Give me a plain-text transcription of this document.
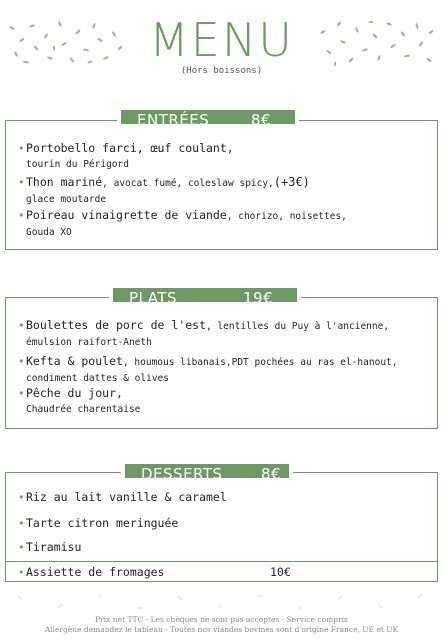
MENU
(Hors boissons)
ENTRÉES	8€
• Portobello farci, œuf coulant,
tourin du Périgord
• Thon mariné, avocat fumé, coleslaw spicy,(+3€)
glace moutarde
• Poireau vinaigrette de viande, chorizo, noisettes,
Gouda XO
PLATS	19€
• Boulettes de porc de l'est, lentilles du Puy à l'ancienne,
émulsion raifort-Aneth
• Kefta & poulet, houmous libanais,PDT pochées au ras el-hanout,
condiment dattes & olives
• Pêche du jour,
Chaudrée charentaise
DESSERTS	8€
• Riz au lait vanille & caramel
• Tarte citron meringuée
• Tiramisu
• Assiette de fromages	10€
Prix net TTC - Les chèques ne sont pas acceptés - Service compris
Allergène demandez le tableau - Toutes nos viandes bovines sont d'origine France, UE et UK
